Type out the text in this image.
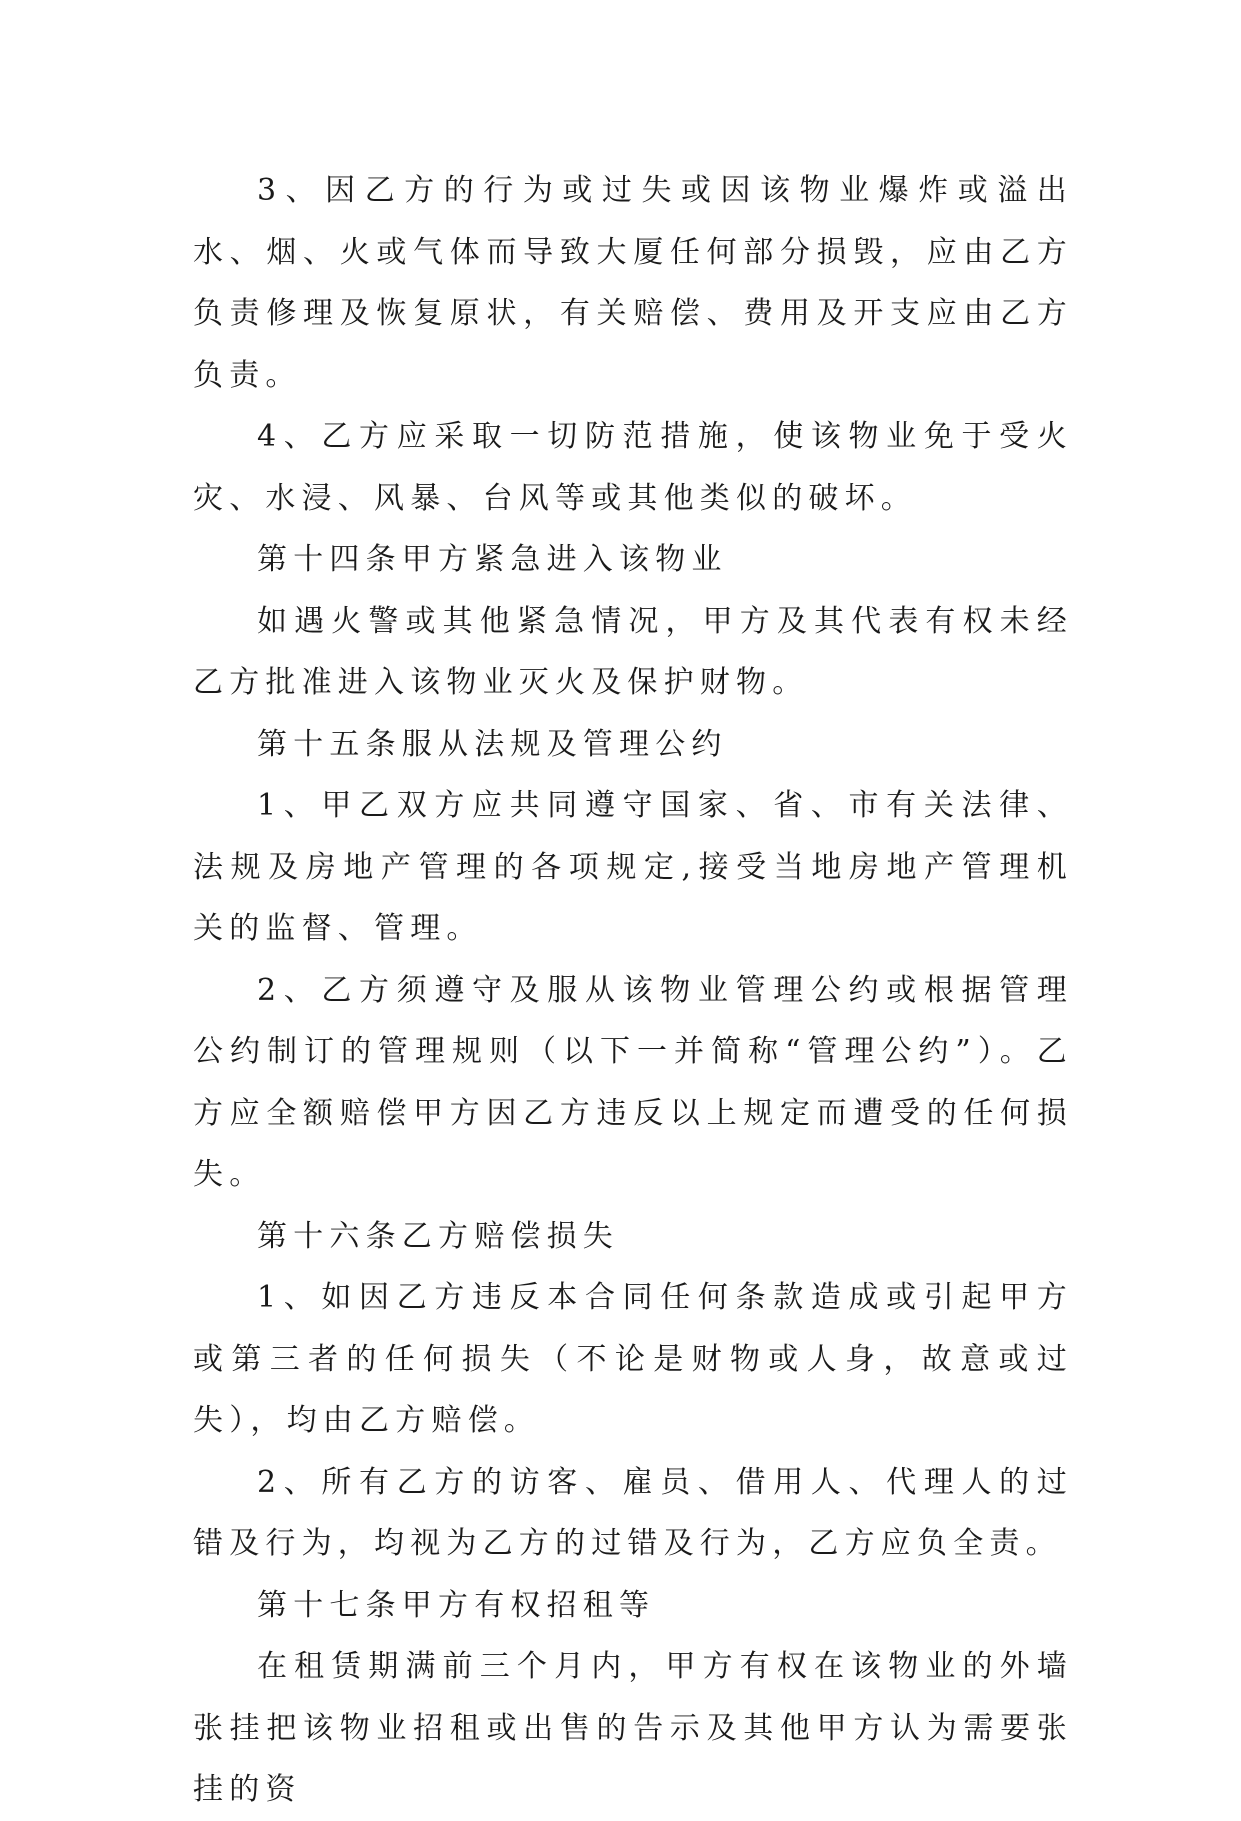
3、因乙方的行为或过失或因该物业爆炸或溢出水、烟、火或气体而导致大厦任何部分损毁，应由乙方负责修理及恢复原状，有关赔偿、费用及开支应由乙方负责。

4、乙方应采取一切防范措施，使该物业免于受火灾、水浸、风暴、台风等或其他类似的破坏。

第十四条甲方紧急进入该物业

如遇火警或其他紧急情况，甲方及其代表有权未经乙方批准进入该物业灭火及保护财物。

第十五条服从法规及管理公约

1、甲乙双方应共同遵守国家、省、市有关法律、法规及房地产管理的各项规定,接受当地房地产管理机关的监督、管理。

2、乙方须遵守及服从该物业管理公约或根据管理公约制订的管理规则（以下一并简称“管理公约”）。乙方应全额赔偿甲方因乙方违反以上规定而遭受的任何损失。

第十六条乙方赔偿损失

1、如因乙方违反本合同任何条款造成或引起甲方或第三者的任何损失（不论是财物或人身，故意或过失），均由乙方赔偿。

2、所有乙方的访客、雇员、借用人、代理人的过错及行为，均视为乙方的过错及行为，乙方应负全责。

第十七条甲方有权招租等

在租赁期满前三个月内，甲方有权在该物业的外墙张挂把该物业招租或出售的告示及其他甲方认为需要张挂的资
